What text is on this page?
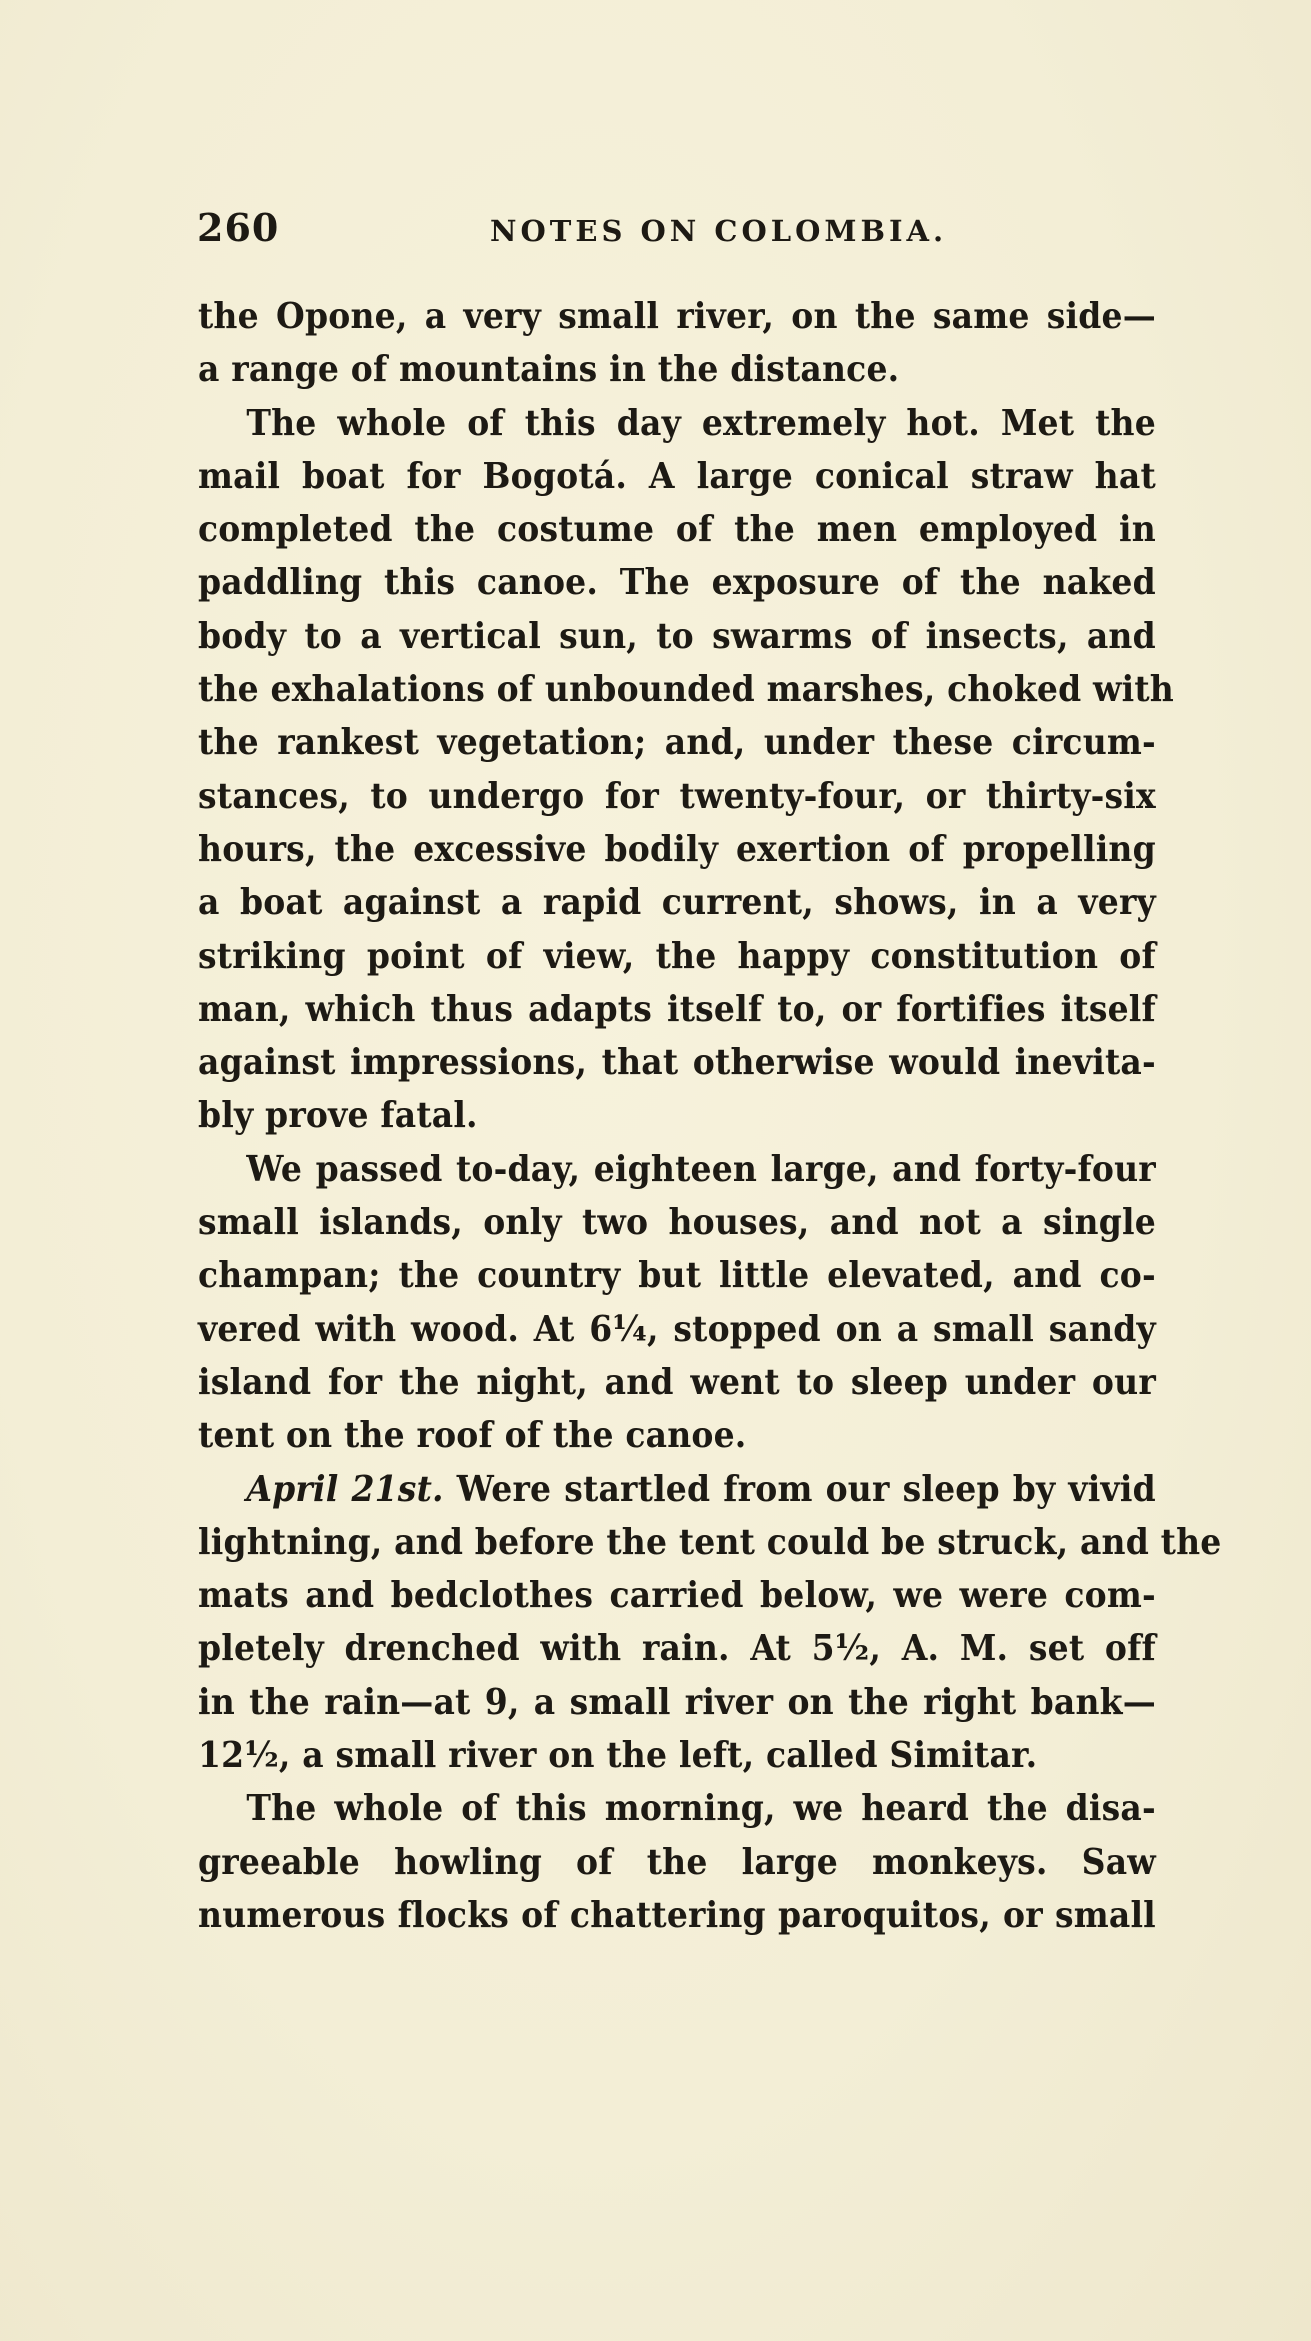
260	NOTES ON COLOMBIA.
the Opone, a very small river, on the same side—
a range of mountains in the distance.
The whole of this day extremely hot. Met the
mail boat for Bogotá. A large conical straw hat
completed the costume of the men employed in
paddling this canoe. The exposure of the naked
body to a vertical sun, to swarms of insects, and
the exhalations of unbounded marshes, choked with
the rankest vegetation; and, under these circum-
stances, to undergo for twenty-four, or thirty-six
hours, the excessive bodily exertion of propelling
a boat against a rapid current, shows, in a very
striking point of view, the happy constitution of
man, which thus adapts itself to, or fortifies itself
against impressions, that otherwise would inevita-
bly prove fatal.
We passed to-day, eighteen large, and forty-four
small islands, only two houses, and not a single
champan; the country but little elevated, and co-
vered with wood. At 6¼, stopped on a small sandy
island for the night, and went to sleep under our
tent on the roof of the canoe.
April 21st. Were startled from our sleep by vivid
lightning, and before the tent could be struck, and the
mats and bedclothes carried below, we were com-
pletely drenched with rain. At 5½, A. M. set off
in the rain—at 9, a small river on the right bank—
12½, a small river on the left, called Simitar.
The whole of this morning, we heard the disa-
greeable howling of the large monkeys. Saw
numerous flocks of chattering paroquitos, or small
